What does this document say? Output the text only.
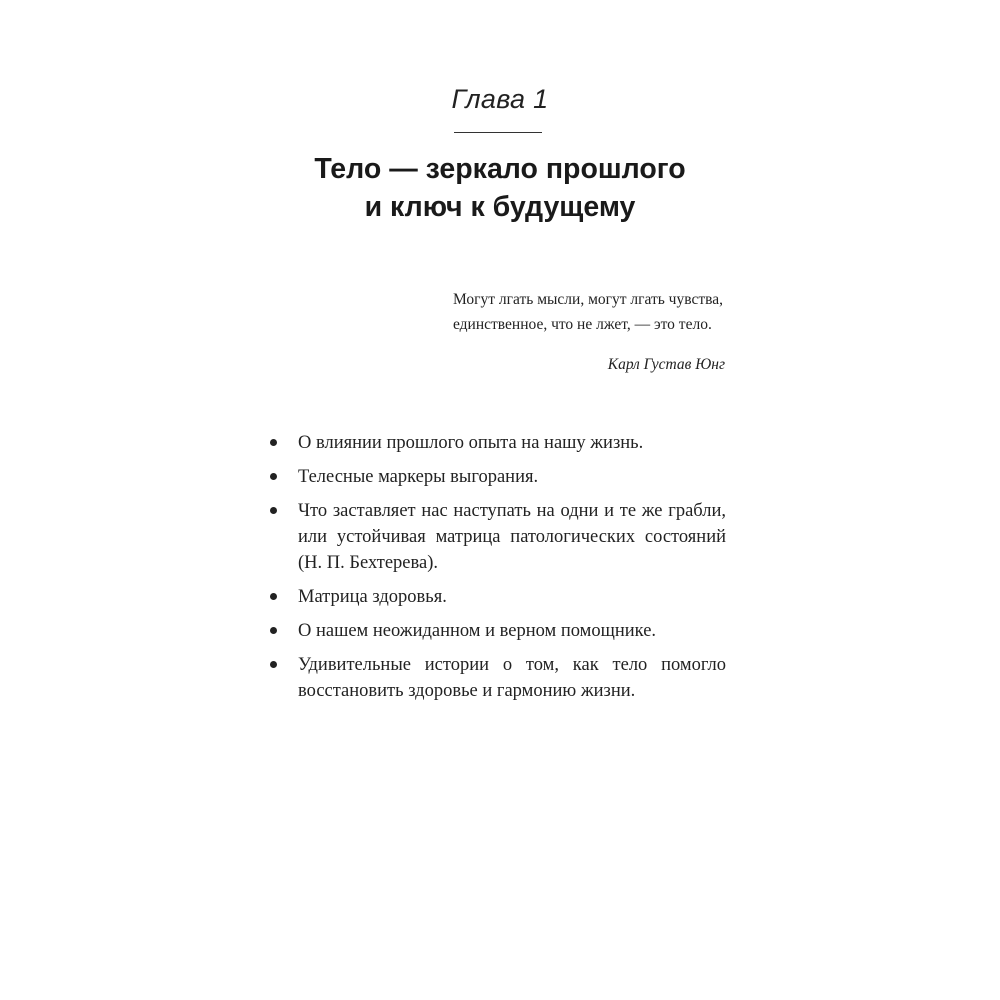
Глава 1
Тело — зеркало прошлого
и ключ к будущему

Могут лгать мысли, могут лгать чувства, единственное, что не лжет, — это тело.

Карл Густав Юнг

О влиянии прошлого опыта на нашу жизнь.
Телесные маркеры выгорания.
Что заставляет нас наступать на одни и те же грабли, или устойчивая матрица патологических состояний (Н. П. Бехтерева).
Матрица здоровья.
О нашем неожиданном и верном помощнике.
Удивительные истории о том, как тело помогло восстановить здоровье и гармонию жизни.
